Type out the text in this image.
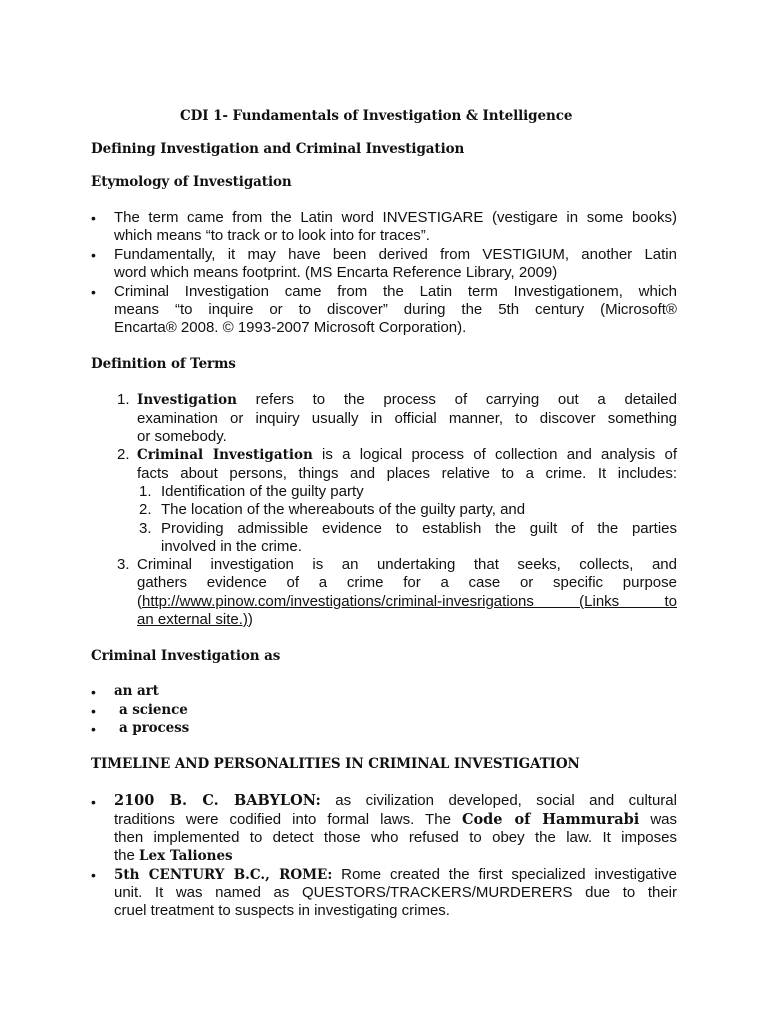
CDI 1- Fundamentals of Investigation & Intelligence
Defining Investigation and Criminal Investigation
Etymology of Investigation
• The term came from the Latin word INVESTIGARE (vestigare in some books)
which means “to track or to look into for traces”.
• Fundamentally, it may have been derived from VESTIGIUM, another Latin
word which means footprint. (MS Encarta Reference Library, 2009)
• Criminal Investigation came from the Latin term Investigationem, which
means “to inquire or to discover” during the 5th century (Microsoft®
Encarta® 2008. © 1993-2007 Microsoft Corporation).
Definition of Terms
1. Investigation refers to the process of carrying out a detailed
examination or inquiry usually in official manner, to discover something
or somebody.
2. Criminal Investigation is a logical process of collection and analysis of
facts about persons, things and places relative to a crime. It includes:
1. Identification of the guilty party
2. The location of the whereabouts of the guilty party, and
3. Providing admissible evidence to establish the guilt of the parties
involved in the crime.
3. Criminal investigation is an undertaking that seeks, collects, and
gathers evidence of a crime for a case or specific purpose
( http://www.pinow.com/investigations/criminal-invesrigations (Links to
an external site.))
Criminal Investigation as
• an art
• a science
• a process
TIMELINE AND PERSONALITIES IN CRIMINAL INVESTIGATION
• 2100 B. C. BABYLON: as civilization developed, social and cultural
traditions were codified into formal laws. The Code of Hammurabi was
then implemented to detect those who refused to obey the law. It imposes
the Lex Taliones
• 5th CENTURY B.C., ROME: Rome created the first specialized investigative
unit. It was named as QUESTORS/TRACKERS/MURDERERS due to their
cruel treatment to suspects in investigating crimes.
